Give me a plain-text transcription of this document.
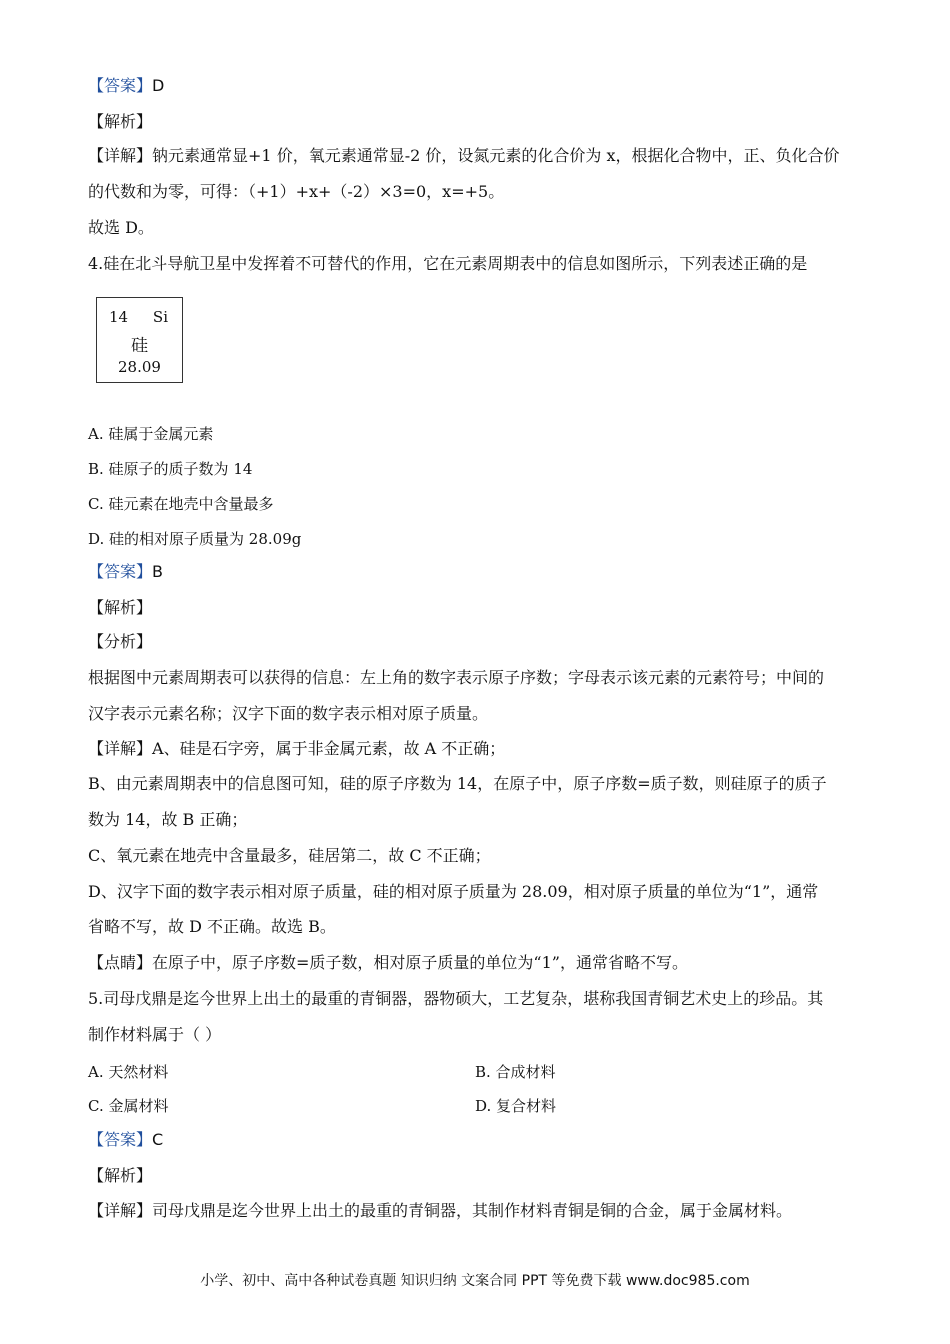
【答案】D
【解析】
【详解】钠元素通常显+1 价，氧元素通常显-2 价，设氮元素的化合价为 x，根据化合物中，正、负化合价
的代数和为零，可得：（+1）+x+（-2）×3=0，x=+5。
故选 D。
4.硅在北斗导航卫星中发挥着不可替代的作用，它在元素周期表中的信息如图所示，下列表述正确的是
14 Si
硅
28.09
A. 硅属于金属元素
B. 硅原子的质子数为 14
C. 硅元素在地壳中含量最多
D. 硅的相对原子质量为 28.09g
【答案】B
【解析】
【分析】
根据图中元素周期表可以获得的信息：左上角的数字表示原子序数；字母表示该元素的元素符号；中间的
汉字表示元素名称；汉字下面的数字表示相对原子质量。
【详解】A、硅是石字旁，属于非金属元素，故 A 不正确；
B、由元素周期表中的信息图可知，硅的原子序数为 14，在原子中，原子序数=质子数，则硅原子的质子
数为 14，故 B 正确；
C、氧元素在地壳中含量最多，硅居第二，故 C 不正确；
D、汉字下面的数字表示相对原子质量，硅的相对原子质量为 28.09，相对原子质量的单位为“1”，通常
省略不写，故 D 不正确。故选 B。
【点睛】在原子中，原子序数=质子数，相对原子质量的单位为“1”，通常省略不写。
5.司母戊鼎是迄今世界上出土的最重的青铜器，器物硕大，工艺复杂，堪称我国青铜艺术史上的珍品。其
制作材料属于（ ）
A. 天然材料	B. 合成材料
C. 金属材料	D. 复合材料
【答案】C
【解析】
【详解】司母戊鼎是迄今世界上出土的最重的青铜器，其制作材料青铜是铜的合金，属于金属材料。
小学、初中、高中各种试卷真题 知识归纳 文案合同 PPT 等免费下载 www.doc985.com
